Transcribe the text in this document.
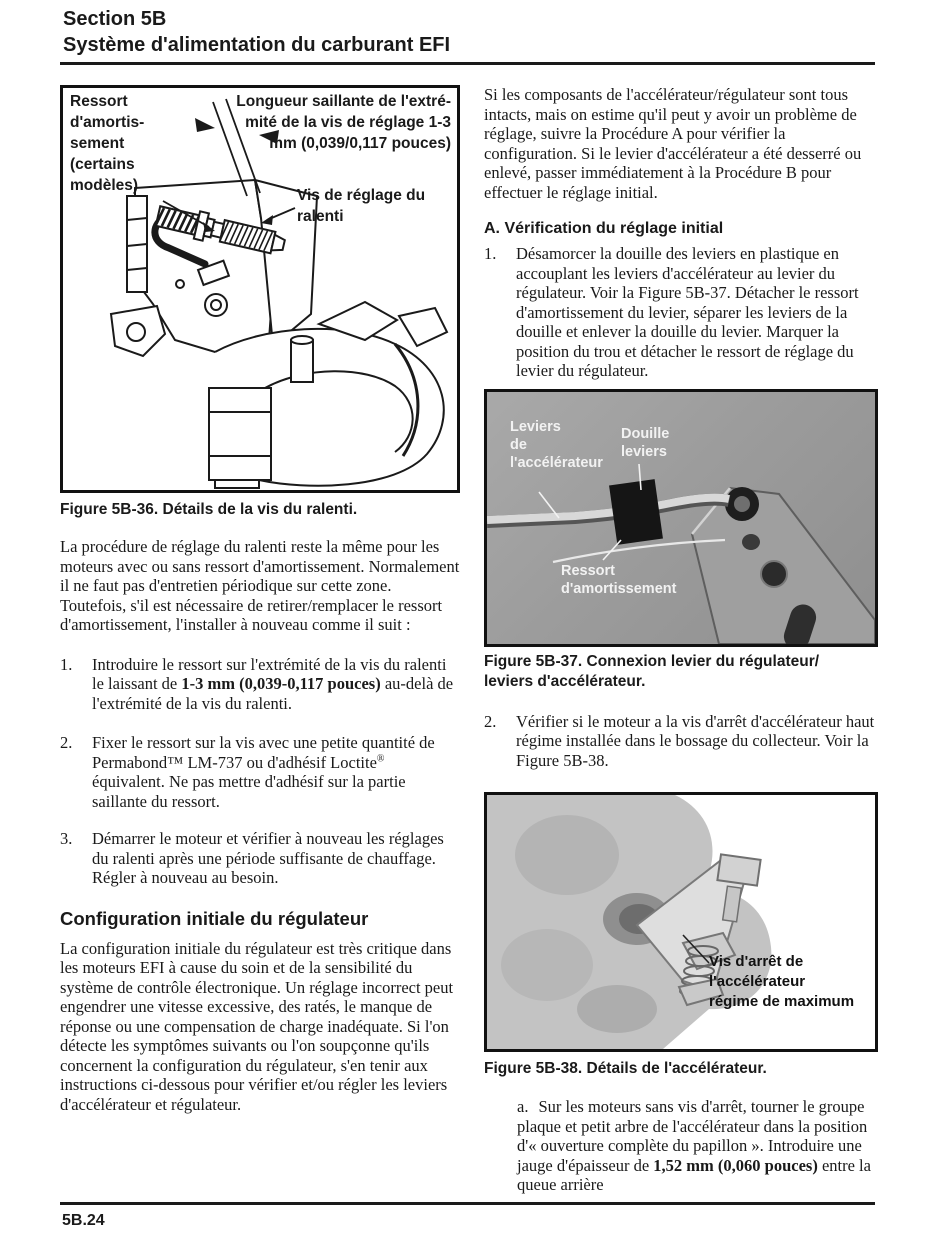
Section 5B
Système d'alimentation du carburant EFI
Ressort
d'amortis-
sement
(certains
modèles)
Longueur saillante de l'extré-
mité de la vis de réglage 1-3
mm (0,039/0,117 pouces)
Vis de réglage du
ralenti
Figure 5B-36. Détails de la vis du ralenti.

La procédure de réglage du ralenti reste la même pour les moteurs avec ou sans ressort d'amortissement. Normalement il ne faut pas d'entretien périodique sur cette zone. Toutefois, s'il est nécessaire de retirer/remplacer le ressort d'amortissement, l'installer à nouveau comme il suit :

1.	Introduire le ressort sur l'extrémité de la vis du ralenti le laissant de 1-3 mm (0,039-0,117 pouces) au-delà de l'extrémité de la vis du ralenti.
2.	Fixer le ressort sur la vis avec une petite quantité de Permabond™ LM-737 ou d'adhésif Loctite® équivalent. Ne pas mettre d'adhésif sur la partie saillante du ressort.
3.	Démarrer le moteur et vérifier à nouveau les réglages du ralenti après une période suffisante de chauffage. Régler à nouveau au besoin.
Configuration initiale du régulateur

La configuration initiale du régulateur est très critique dans les moteurs EFI à cause du soin et de la sensibilité du système de contrôle électronique. Un réglage incorrect peut engendrer une vitesse excessive, des ratés, le manque de réponse ou une compensation de charge inadéquate. Si l'on détecte les symptômes suivants ou l'on soupçonne qu'ils concernent la configuration du régulateur, s'en tenir aux instructions ci-dessous pour vérifier et/ou régler les leviers d'accélérateur et régulateur.

Si les composants de l'accélérateur/régulateur sont tous intacts, mais on estime qu'il peut y avoir un problème de réglage, suivre la Procédure A pour vérifier la configuration. Si le levier d'accélérateur a été desserré ou enlevé, passer immédiatement à la Procédure B pour effectuer le réglage initial.

A. Vérification du réglage initial
1.	Désamorcer la douille des leviers en plastique en accouplant les leviers d'accélérateur au levier du régulateur. Voir la Figure 5B-37. Détacher le ressort d'amortissement du levier, séparer les leviers de la douille et enlever la douille du levier. Marquer la position du trou et détacher le ressort de réglage du levier du régulateur.
Leviers
de
l'accélérateur
Douille
leviers
Ressort
d'amortissement
Figure 5B-37. Connexion levier du régulateur/
leviers d'accélérateur.
2.	Vérifier si le moteur a la vis d'arrêt d'accélérateur haut régime installée dans le bossage du collecteur. Voir la Figure 5B-38.
Vis d'arrêt de
l'accélérateur
régime de maximum
Figure 5B-38. Détails de l'accélérateur.
a. Sur les moteurs sans vis d'arrêt, tourner le groupe plaque et petit arbre de l'accélérateur dans la position d'« ouverture complète du papillon ». Introduire une jauge d'épaisseur de 1,52 mm (0,060 pouces) entre la queue arrière
5B.24
